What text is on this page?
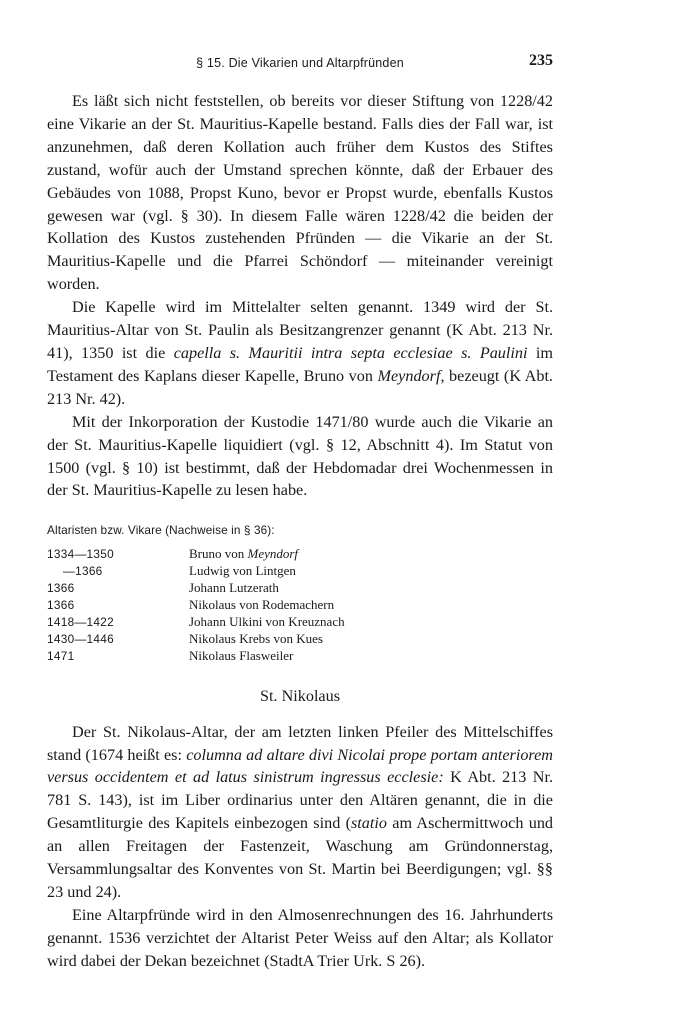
§ 15. Die Vikarien und Altarpfründen	235

Es läßt sich nicht feststellen, ob bereits vor dieser Stiftung von 1228/42 eine Vikarie an der St. Mauritius-Kapelle bestand. Falls dies der Fall war, ist anzunehmen, daß deren Kollation auch früher dem Kustos des Stiftes zustand, wofür auch der Umstand sprechen könnte, daß der Erbauer des Gebäudes von 1088, Propst Kuno, bevor er Propst wurde, ebenfalls Kustos gewesen war (vgl. § 30). In diesem Falle wären 1228/42 die beiden der Kollation des Kustos zustehenden Pfründen — die Vikarie an der St. Mauritius-Kapelle und die Pfarrei Schöndorf — miteinander vereinigt worden.

Die Kapelle wird im Mittelalter selten genannt. 1349 wird der St. Mauritius-Altar von St. Paulin als Besitzangrenzer genannt (K Abt. 213 Nr. 41), 1350 ist die capella s. Mauritii intra septa ecclesiae s. Paulini im Testament des Kaplans dieser Kapelle, Bruno von Meyndorf, bezeugt (K Abt. 213 Nr. 42).

Mit der Inkorporation der Kustodie 1471/80 wurde auch die Vikarie an der St. Mauritius-Kapelle liquidiert (vgl. § 12, Abschnitt 4). Im Statut von 1500 (vgl. § 10) ist bestimmt, daß der Hebdomadar drei Wochenmessen in der St. Mauritius-Kapelle zu lesen habe.

Altaristen bzw. Vikare (Nachweise in § 36):
1334—1350	Bruno von Meyndorf
—1366	Ludwig von Lintgen
1366	Johann Lutzerath
1366	Nikolaus von Rodemachern
1418—1422	Johann Ulkini von Kreuznach
1430—1446	Nikolaus Krebs von Kues
1471	Nikolaus Flasweiler
St. Nikolaus

Der St. Nikolaus-Altar, der am letzten linken Pfeiler des Mittelschiffes stand (1674 heißt es: columna ad altare divi Nicolai prope portam anteriorem versus occidentem et ad latus sinistrum ingressus ecclesie: K Abt. 213 Nr. 781 S. 143), ist im Liber ordinarius unter den Altären genannt, die in die Gesamtliturgie des Kapitels einbezogen sind (statio am Aschermittwoch und an allen Freitagen der Fastenzeit, Waschung am Gründonnerstag, Versammlungsaltar des Konventes von St. Martin bei Beerdigungen; vgl. §§ 23 und 24).

Eine Altarpfründe wird in den Almosenrechnungen des 16. Jahrhunderts genannt. 1536 verzichtet der Altarist Peter Weiss auf den Altar; als Kollator wird dabei der Dekan bezeichnet (StadtA Trier Urk. S 26).
